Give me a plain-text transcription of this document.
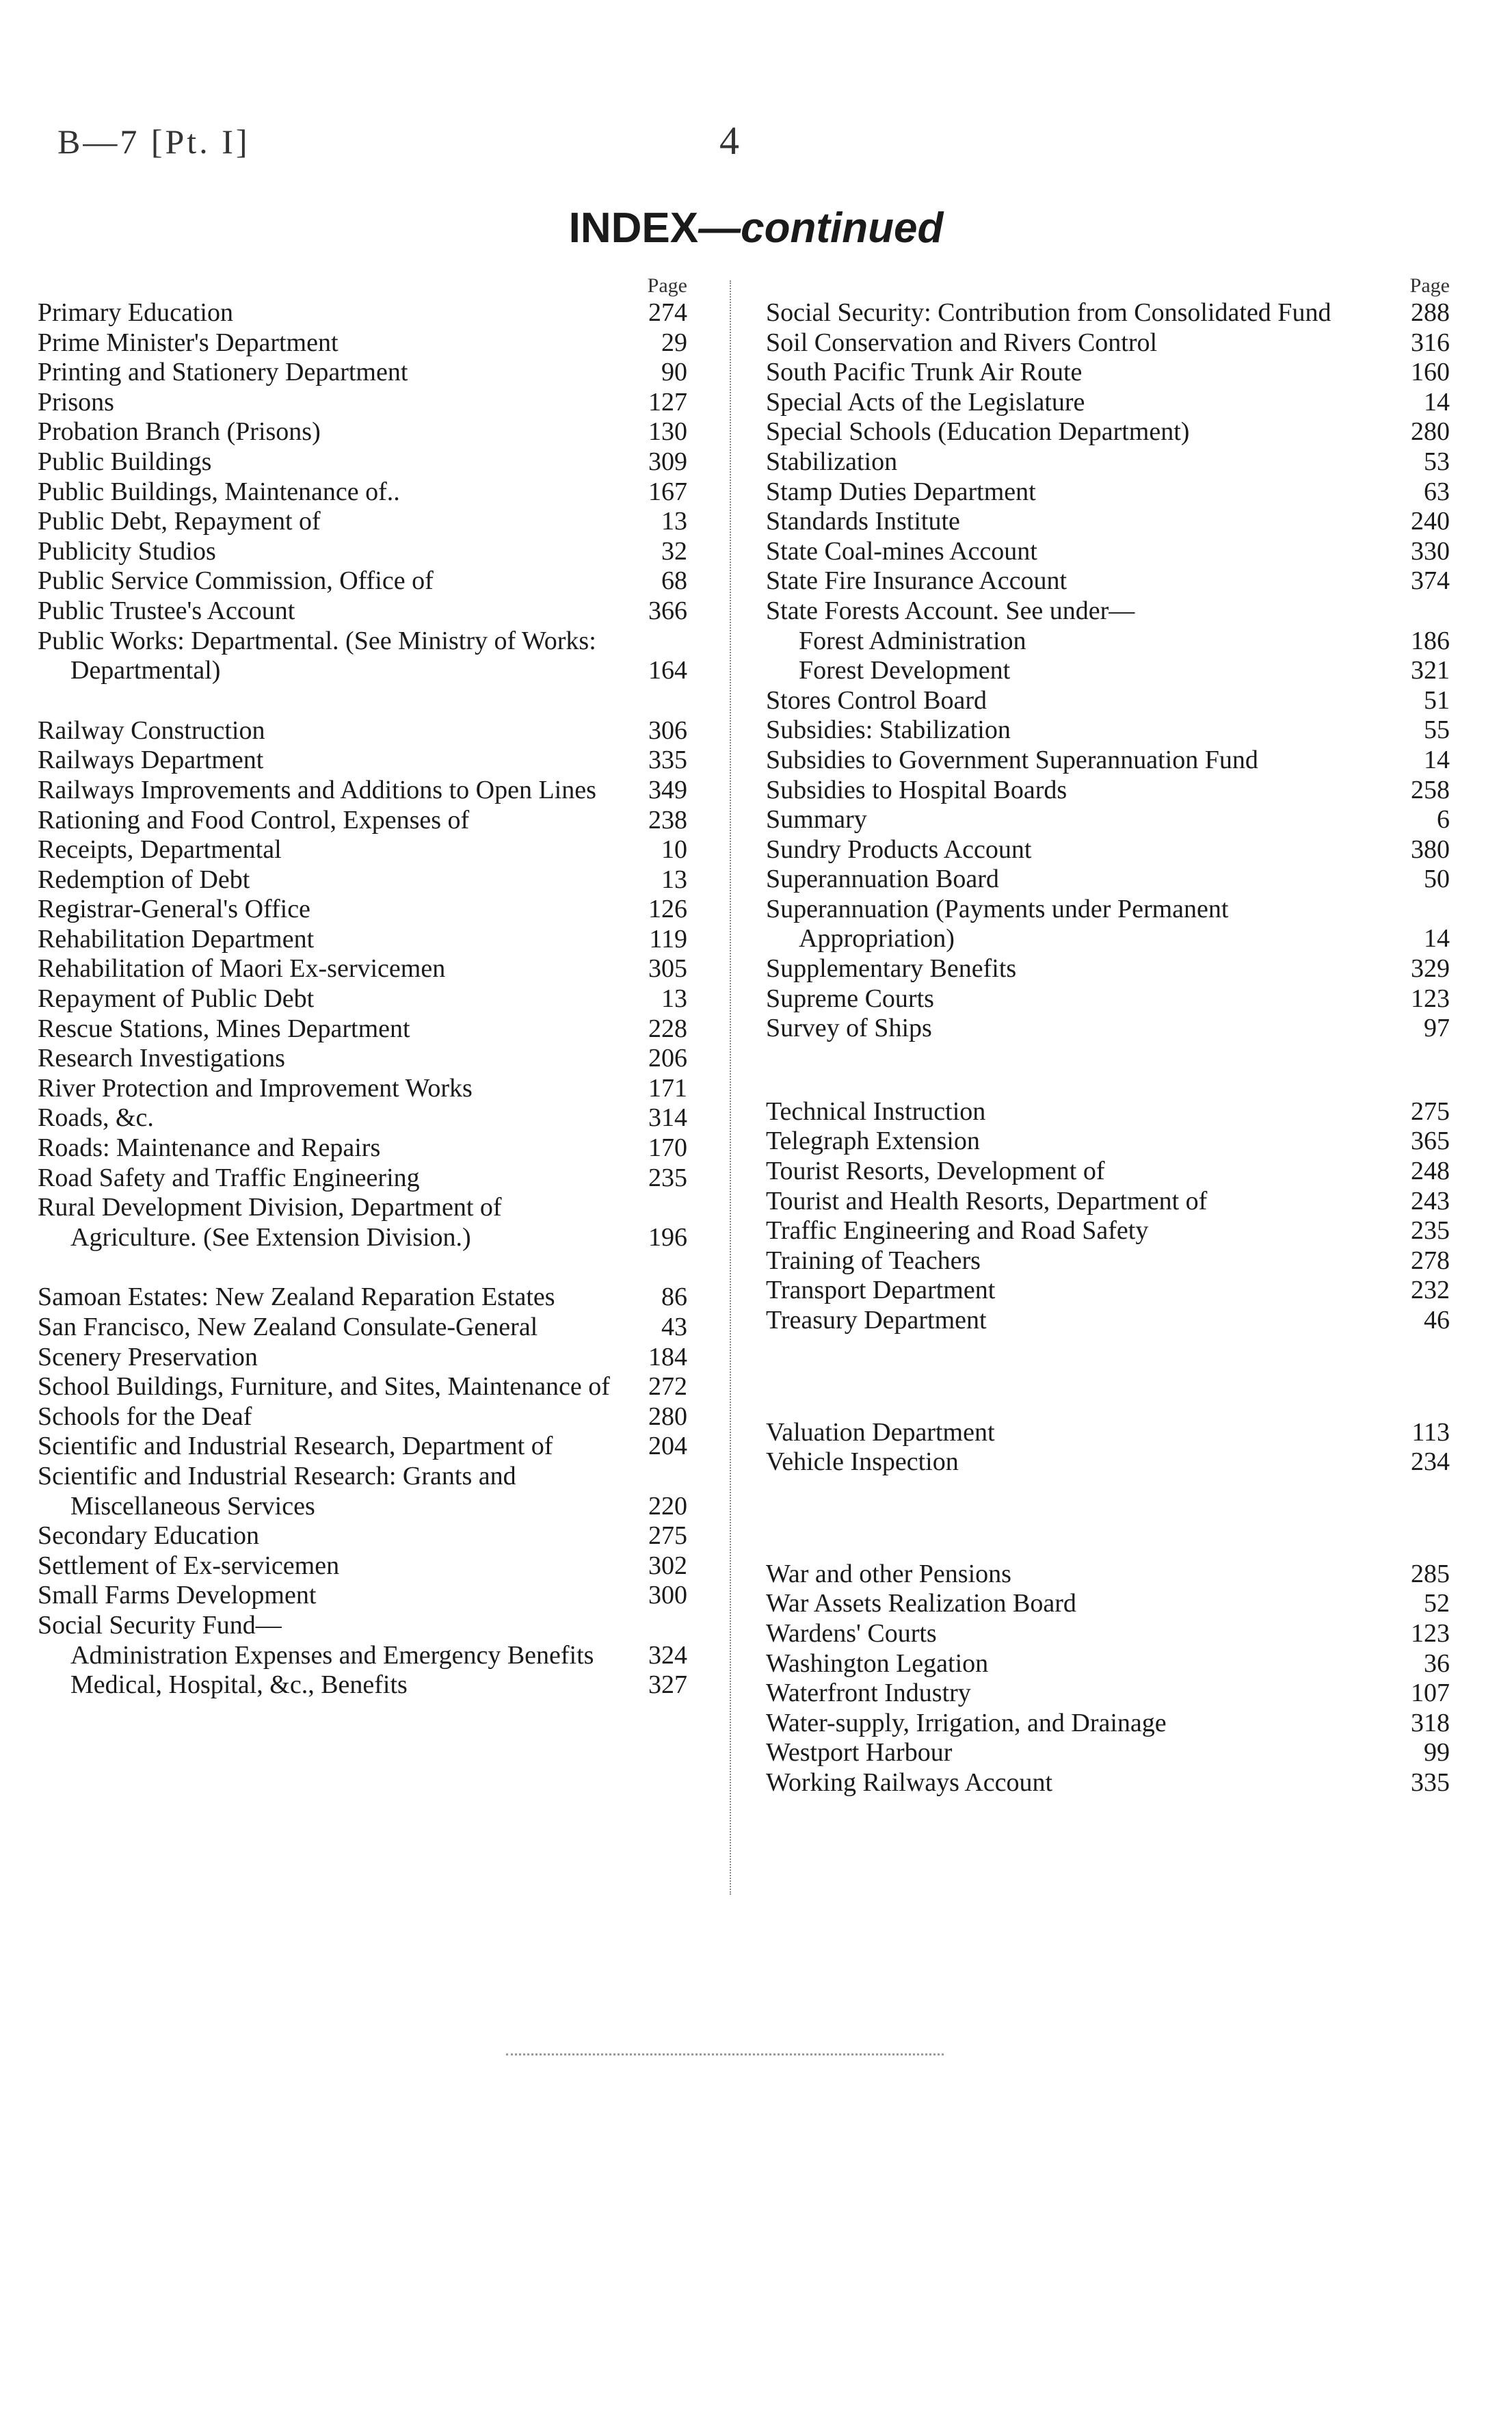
B—7 [Pt. I]	4
INDEX—continued
Page
Primary Education	274
Prime Minister's Department	29
Printing and Stationery Department	90
Prisons	127
Probation Branch (Prisons)	130
Public Buildings	309
Public Buildings, Maintenance of..	167
Public Debt, Repayment of	13
Publicity Studios	32
Public Service Commission, Office of	68
Public Trustee's Account	366
Public Works: Departmental. (See Ministry of Works: Departmental)	164
Railway Construction	306
Railways Department	335
Railways Improvements and Additions to Open Lines	349
Rationing and Food Control, Expenses of	238
Receipts, Departmental	10
Redemption of Debt	13
Registrar-General's Office	126
Rehabilitation Department	119
Rehabilitation of Maori Ex-servicemen	305
Repayment of Public Debt	13
Rescue Stations, Mines Department	228
Research Investigations	206
River Protection and Improvement Works	171
Roads, &c.	314
Roads: Maintenance and Repairs	170
Road Safety and Traffic Engineering	235
Rural Development Division, Department of Agriculture. (See Extension Division.)	196
Samoan Estates: New Zealand Reparation Estates	86
San Francisco, New Zealand Consulate-General	43
Scenery Preservation	184
School Buildings, Furniture, and Sites, Maintenance of	272
Schools for the Deaf	280
Scientific and Industrial Research, Department of	204
Scientific and Industrial Research: Grants and Miscellaneous Services	220
Secondary Education	275
Settlement of Ex-servicemen	302
Small Farms Development	300
Social Security Fund—
Administration Expenses and Emergency Benefits	324
Medical, Hospital, &c., Benefits	327
Page
Social Security: Contribution from Consolidated Fund	288
Soil Conservation and Rivers Control	316
South Pacific Trunk Air Route	160
Special Acts of the Legislature	14
Special Schools (Education Department)	280
Stabilization	53
Stamp Duties Department	63
Standards Institute	240
State Coal-mines Account	330
State Fire Insurance Account	374
State Forests Account. See under—
Forest Administration	186
Forest Development	321
Stores Control Board	51
Subsidies: Stabilization	55
Subsidies to Government Superannuation Fund	14
Subsidies to Hospital Boards	258
Summary	6
Sundry Products Account	380
Superannuation Board	50
Superannuation (Payments under Permanent Appropriation)	14
Supplementary Benefits	329
Supreme Courts	123
Survey of Ships	97
Technical Instruction	275
Telegraph Extension	365
Tourist Resorts, Development of	248
Tourist and Health Resorts, Department of	243
Traffic Engineering and Road Safety	235
Training of Teachers	278
Transport Department	232
Treasury Department	46
Valuation Department	113
Vehicle Inspection	234
War and other Pensions	285
War Assets Realization Board	52
Wardens' Courts	123
Washington Legation	36
Waterfront Industry	107
Water-supply, Irrigation, and Drainage	318
Westport Harbour	99
Working Railways Account	335
